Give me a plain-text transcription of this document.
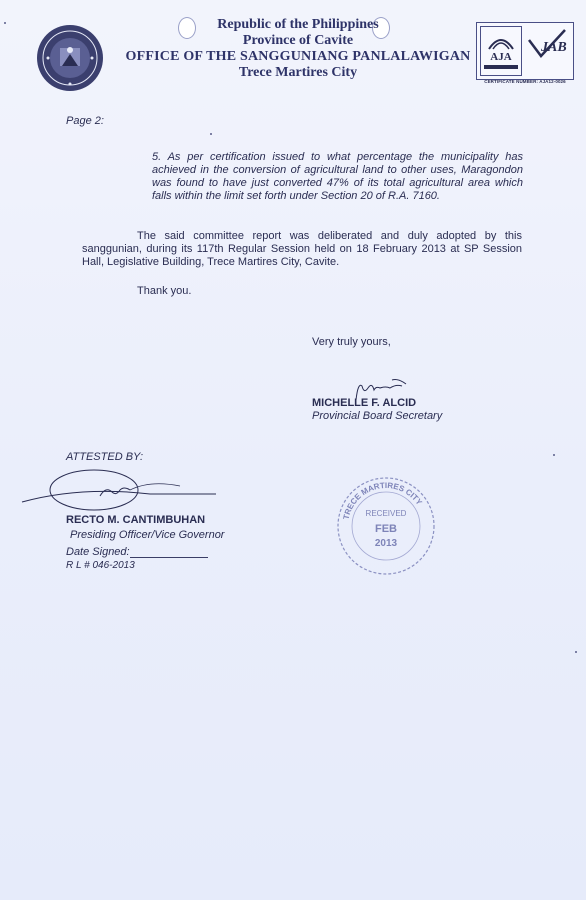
Republic of the Philippines
Province of Cavite
OFFICE OF THE SANGGUNIANG PANLALAWIGAN
Trece Martires City
AJA
JAB
CERTIFICATE NUMBER: AJA12-0026
Page 2:
5. As per certification issued to what percentage the municipality has achieved in the conversion of agricultural land to other uses, Maragondon was found to have just converted 47% of its total agricultural area which falls within the limit set forth under Section 20 of R.A. 7160.
The said committee report was deliberated and duly adopted by this sanggunian, during its 117th Regular Session held on 18 February 2013 at SP Session Hall, Legislative Building, Trece Martires City, Cavite.
Thank you.
Very truly yours,
MICHELLE F. ALCID
Provincial Board Secretary
ATTESTED BY:
RECTO M. CANTIMBUHAN
Presiding Officer/Vice Governor
Date Signed:
R L # 046-2013
TRECE MARTIRES CITY
RECEIVED
FEB
2013
